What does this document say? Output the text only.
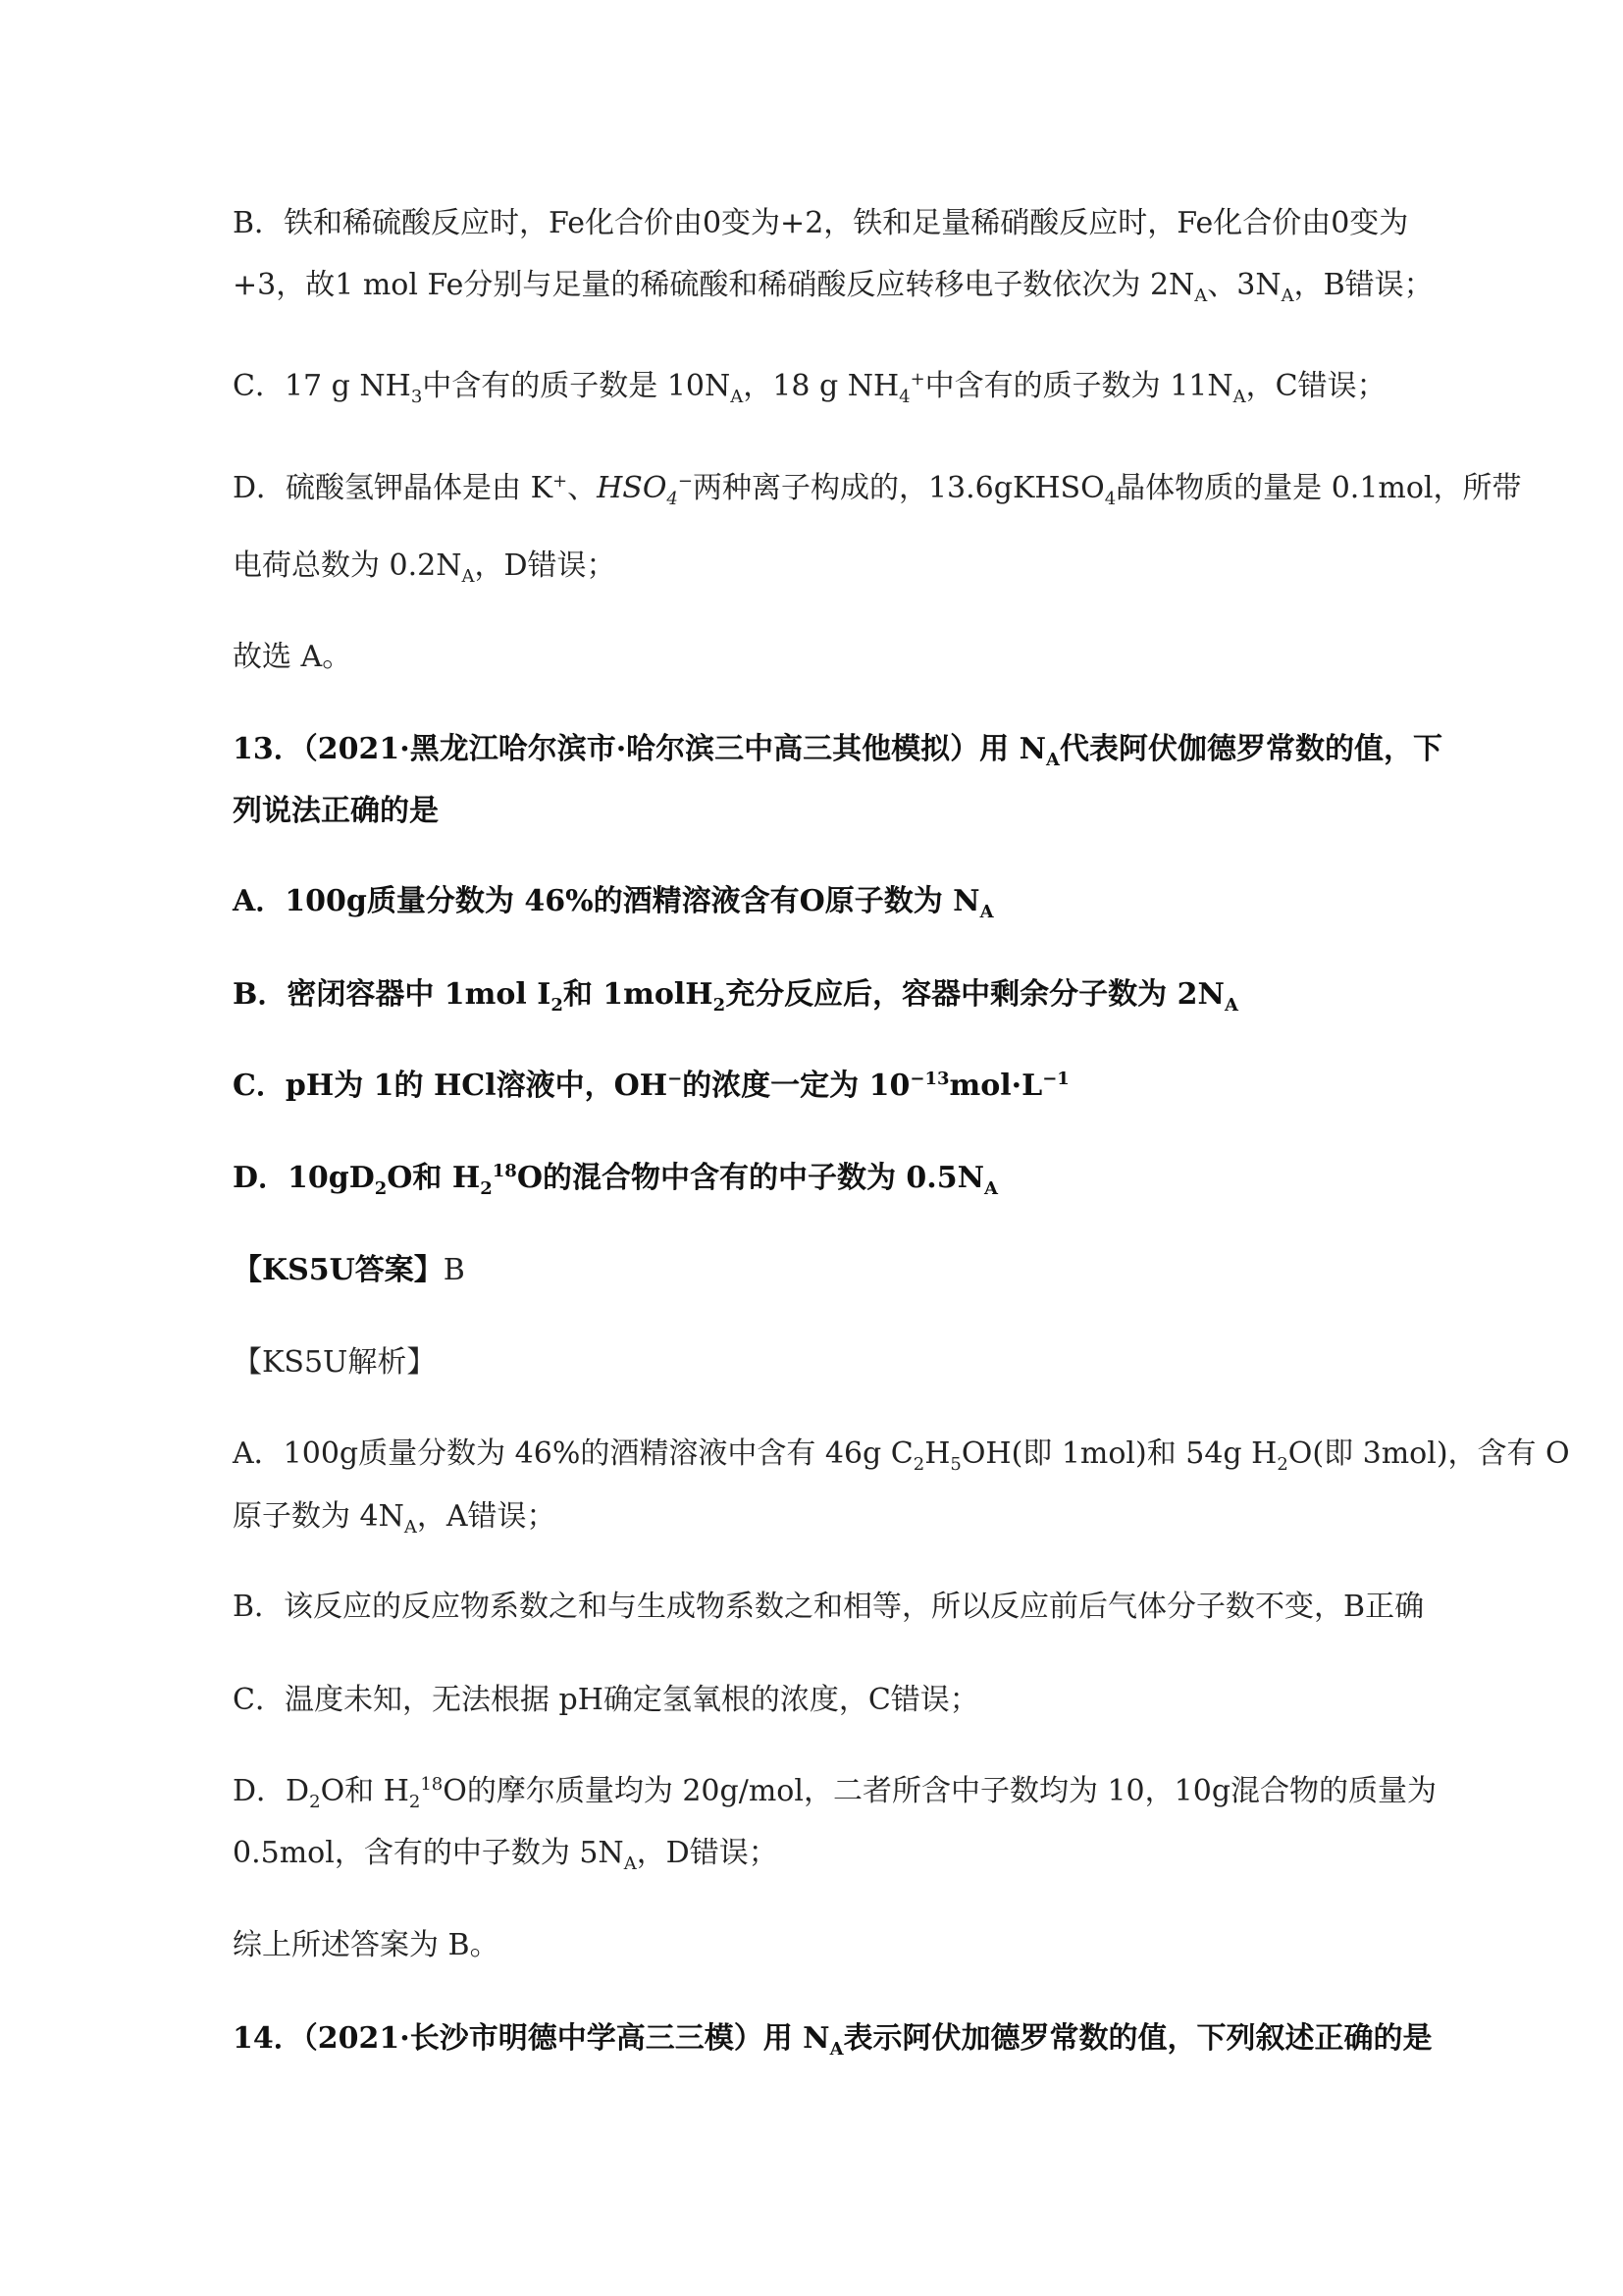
B．铁和稀硫酸反应时，Fe化合价由0变为+2，铁和足量稀硝酸反应时，Fe化合价由0变为
+3，故1 mol Fe分别与足量的稀硫酸和稀硝酸反应转移电子数依次为 $2N_A$、$3N_A$，B错误；
C．17 g $NH_3$中含有的质子数是 $10N_A$，18 g $NH_4^+$中含有的质子数为 $11N_A$，C错误；
D．硫酸氢钾晶体是由 K+、$HSO_4^-$两种离子构成的，13.6gKHSO$_4$晶体物质的量是 0.1mol，所带
电荷总数为 $0.2N_A$，D错误；
故选 A。
13．（2021·黑龙江哈尔滨市·哈尔滨三中高三其他模拟）用 $N_A$代表阿伏伽德罗常数的值，下
列说法正确的是
A．100g质量分数为 46%的酒精溶液含有O原子数为 $N_A$
B．密闭容器中 1mol $I_2$和 1molH$_2$充分反应后，容器中剩余分子数为 $2N_A$
C．pH为 1的 HCl溶液中，OH−的浓度一定为 $10^{-13}mol\cdot L^{-1}$
D．$10gD_2O$和 $H_2^{18}O$的混合物中含有的中子数为 $0.5N_A$
【KS5U答案】B
【KS5U解析】
A．100g质量分数为 46%的酒精溶液中含有 46g $C_2H_5OH$(即 1mol)和 54g $H_2O$(即 3mol)，含有 O
原子数为 $4N_A$，A错误；
B．该反应的反应物系数之和与生成物系数之和相等，所以反应前后气体分子数不变，B正确
C．温度未知，无法根据 pH确定氢氧根的浓度，C错误；
D．$D_2O$和 $H_2^{18}O$的摩尔质量均为 20g/mol，二者所含中子数均为 10，10g混合物的质量为
0.5mol，含有的中子数为 $5N_A$，D错误；
综上所述答案为 B。
14．（2021·长沙市明德中学高三三模）用 $N_A$表示阿伏加德罗常数的值，下列叙述正确的是
